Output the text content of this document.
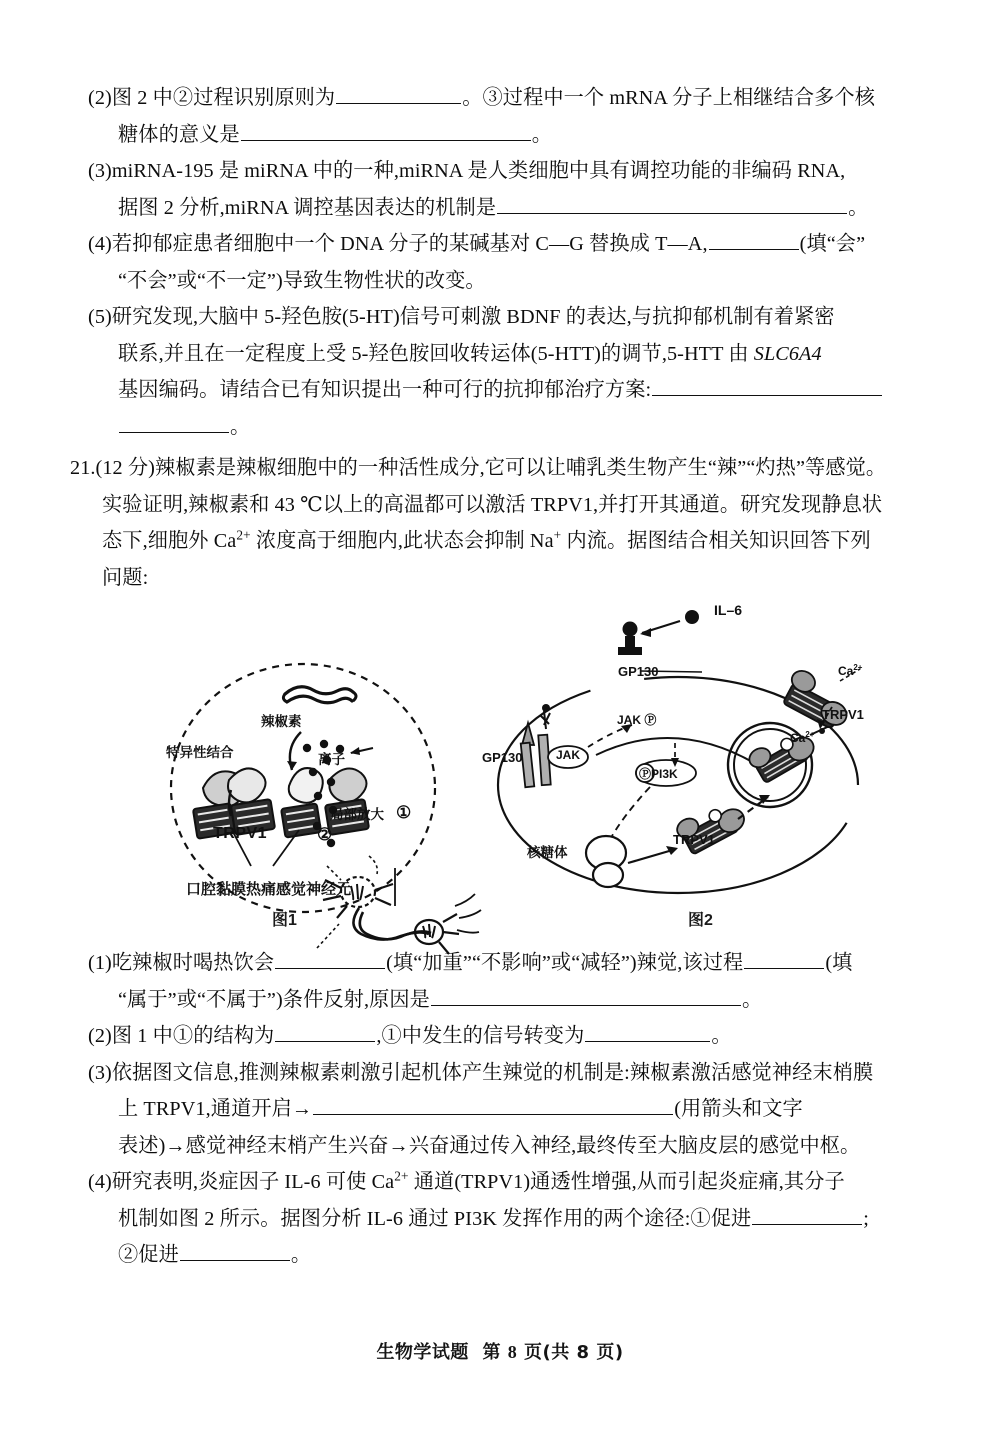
(2)图 2 中②过程识别原则为	。③过程中一个 mRNA 分子上相继结合多个核
糖体的意义是	。
(3)miRNA‐195 是 miRNA 中的一种,miRNA 是人类细胞中具有调控功能的非编码 RNA,
据图 2 分析,miRNA 调控基因表达的机制是	。
(4)若抑郁症患者细胞中一个 DNA 分子的某碱基对 C—G 替换成 T—A,	(填“会”
“不会”或“不一定”)导致生物性状的改变。
(5)研究发现,大脑中 5‐羟色胺(5‐HT)信号可刺激 BDNF 的表达,与抗抑郁机制有着紧密
联系,并且在一定程度上受 5‐羟色胺回收转运体(5‐HTT)的调节,5‐HTT 由 SLC6A4
基因编码。请结合已有知识提出一种可行的抗抑郁治疗方案:
。
21.(12 分)辣椒素是辣椒细胞中的一种活性成分,它可以让哺乳类生物产生“辣”“灼热”等感觉。
实验证明,辣椒素和 43 ℃以上的高温都可以激活 TRPV1,并打开其通道。研究发现静息状
态下,细胞外 $Ca^{2+}$ 浓度高于细胞内,此状态会抑制 Na+ 内流。据图结合相关知识回答下列
问题:
辣椒素
特异性结合	离子
TRPV1
局部放大 ①
②
口腔黏膜热痛感觉神经元
图1
IL–6
GP130
GP130
JAK
JAK Ⓟ
ⓅPI3K
核糖体
TRPV1
TRPV1
$Ca^{2+}$
$Ca^{2+}$
图2
(1)吃辣椒时喝热饮会	(填“加重”“不影响”或“减轻”)辣觉,该过程	(填
“属于”或“不属于”)条件反射,原因是	。
(2)图 1 中①的结构为	,①中发生的信号转变为	。
(3)依据图文信息,推测辣椒素刺激引起机体产生辣觉的机制是:辣椒素激活感觉神经末梢膜
上 TRPV1,通道开启→	(用箭头和文字
表述)→感觉神经末梢产生兴奋→兴奋通过传入神经,最终传至大脑皮层的感觉中枢。
(4)研究表明,炎症因子 IL‐6 可使 $Ca^{2+}$ 通道(TRPV1)通透性增强,从而引起炎症痛,其分子
机制如图 2 所示。据图分析 IL‐6 通过 PI3K 发挥作用的两个途径:①促进	;
②促进	。
生物学试题 第 8 页(共 8 页)
